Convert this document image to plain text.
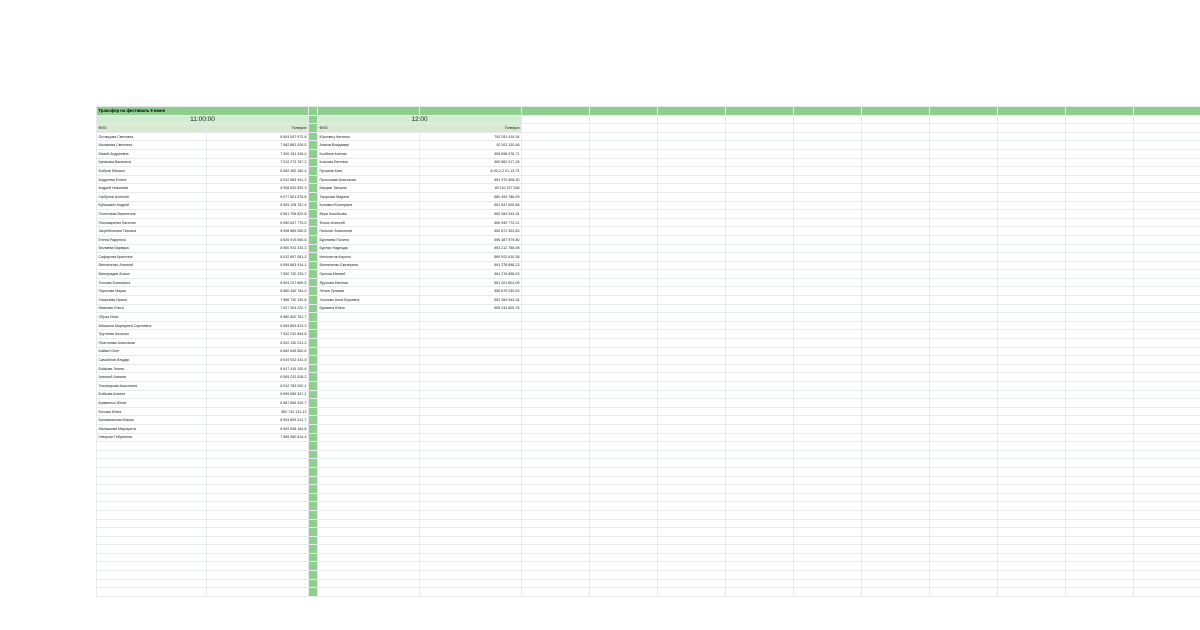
Трансфер на фестиваль 9 июня															
11:00:00			12:00												
ФИО	Телефон		ФИО	Телефон											
Огольцова Светлана	8 904 547 972-8		Юрковец Наталья	792 291 419-34											
Маликова Светлана	7 982 862 026-5		Агапов Владимир	92 202 130-66											
Мазей Андреевна	7 900 191 326-0		Колбина Ксения	899 898 976-71											
Кулакова Василиса	7 912 273 767-3		Козлова Евгения	890 862 017-26											
Бобров Михаил	8 962 460 180-4		Прокина Катя	8-92-2-2 01-13-74											
Андреева Елена	8 912 883 941-2		Прокопова Анастасия	891 970 608-30											
Андрей Николаев	8 908 620 830-3		Мацкив Татьяна	89 110 227 926											
Горбунов Алексей	8 977 801 576-6		Тарунова Марина	880 494 786-09											
Кубышкин Андрей	8 909 128 767-5		Коновал Екатерина	891 947 609-86											
Полетаева Валентина	8 961 708 822-8		Вера Колобкова	892 284 943-34											
Пономаренко Евгения	8 950 647 770-0		Фокин Алексей	896 940 770-21											
Загребельная Татьяна	8 908 889 050-5		Пильгин Анатольев	892 671 303-83											
Елена Радченко	8 926 919 060-6		Бурляева Полина	896 387 979-80											
Миляева Варвара	8 960 910 333-3		Бурляр Надежда	893 212 768-98											
Сафарова Кристина	8 912 897 081-3		Ипполитов Кирилл	899 922 610-38											
Винниченко Алексей	8 999 883 914-1		Винниченко Екатерина	891 276 898-23											
Виноградов Алиса	7 952 730 333-7		Орехов Матвей	891 276 898-23											
Титкова Екатерина	8 904 237 669-5		Ярунова Евгения	891 201 604-09											
Пирогова Мария	8 960 440 784-0		Лепин Гуляева	895 679 030-63											
Смирнова Ирина	7 966 730 130-6		Хохлова Анна Юрьевна	892 284 943-34											
Иванова Ольга	7 927 304 222-7		Бурмина Юлия	899 244 805-76											
Образ Илья	8 960 600 761-7														
Абашина Маргарита Сергеевна	8 963 863 813-3														
Трутнева Наталья	7 922 232 894-8														
Платонова Анастасия	8 922 130 231-3														
Байкин Олег	8 962 649 662-5														
Самойлов Ильдар	8 919 932 431-5														
Бойкова Элина	8 917 419 100-6														
Алексей Агишев	8 909 232 028-2														
Тихомирова Анастасия	8 912 783 002-1														
Бобкова Ксения	8 999 989 347-1														
Кравченко Юлия	8 987 896 320-7														
Белова Юлия	892 743 131-13														
Калинковская Мария	8 904 899 241-7														
Малышева Маргарита	8 902 838 164-6														
Геворгян Гебриэлла	7 969 980 814-4														
